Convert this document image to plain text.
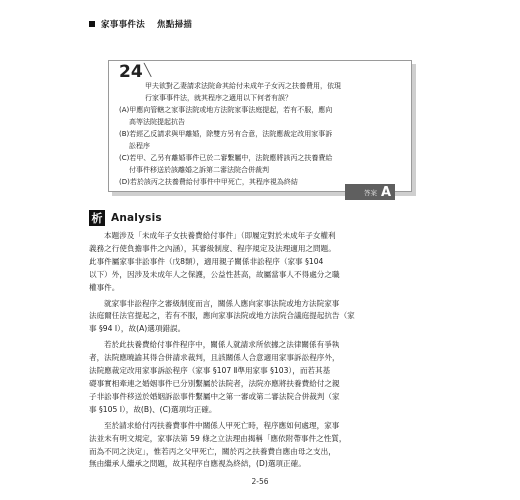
家事事件法 焦點掃描
24 ╲
甲夫欲對乙妻請求法院命其給付未成年子女丙之扶養費用，依現
行家事事件法，就其程序之適用以下何者有誤？
(A)甲應向管轄之家事法院或地方法院家事法庭提起，若有不服，應向
高等法院提起抗告
(B)若經乙反請求與甲離婚，除雙方另有合意，法院應裁定改用家事訴
訟程序
(C)若甲、乙另有離婚事件已於二審繫屬中，法院應將該丙之扶養費給
付事件移送於該離婚之訴第二審法院合併裁判
(D)若於該丙之扶養費給付事件中甲死亡，其程序視為終結
答案 A
析 Analysis
本題涉及「未成年子女扶養費給付事件」（即履定對於未成年子女權利
義務之行使負擔事件之內涵），其審級制度、程序規定及法理適用之問題。
此事件屬家事非訟事件（戊8類），適用親子關係非訟程序（家事 §104
以下）外，因涉及未成年人之保護，公益性甚高，故屬當事人不得處分之職
權事件。
就家事非訟程序之審級制度而言，關係人應向家事法院或地方法院家事
法庭爾任法官提起之，若有不服，應向家事法院或地方法院合議庭提起抗告（家
事 §94 Ⅰ），故(A)選項錯誤。
若於此扶養費給付事件程序中，關係人就請求所依據之法律關係有爭執
者，法院應曉諭其得合併請求裁判，且該關係人合意適用家事訴訟程序外，
法院應裁定改用家事訴訟程序（家事 §107 Ⅱ準用家事 §103），而若其基
礎事實相牽連之婚姻事件已分別繫屬於法院者，法院亦應將扶養費給付之親
子非訟事件移送於婚姻訴訟事件繫屬中之第一審或第二審法院合併裁判（家
事 §105 Ⅰ），故(B)、(C)選項均正確。
至於請求給付丙扶養費事件中關係人甲死亡時，程序應如何處理，家事
法並未有明文規定，家事法第 59 條之立法理由揭稱「應依附帶事件之性質，
而為不同之決定」，惟若丙之父甲死亡，關於丙之扶養費自應由母之支出，
無由繼承人繼承之問題，故其程序自應視為終結，(D)選項正確。
2-56
